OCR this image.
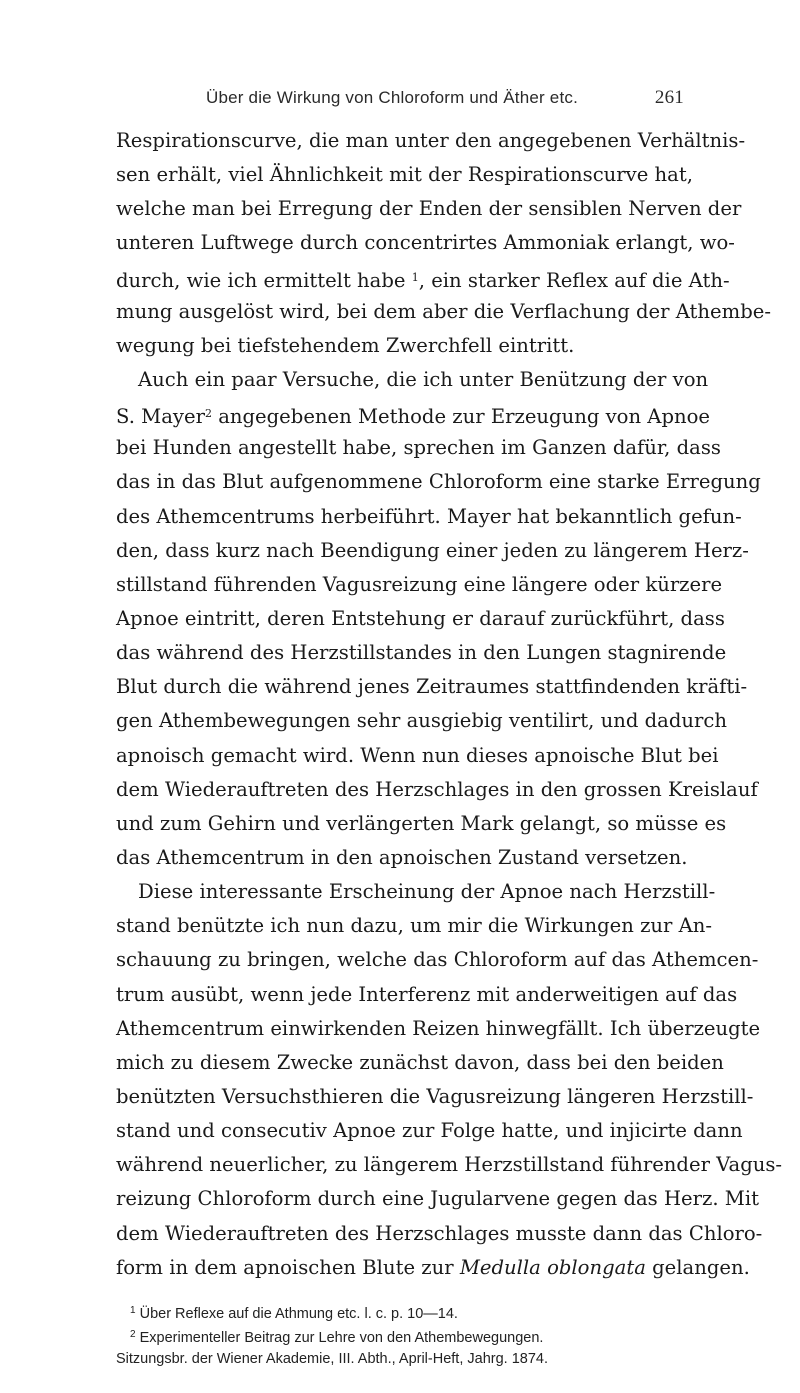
Über die Wirkung von Chloroform und Äther etc.	261
Respirationscurve, die man unter den angegebenen Verhältnis-
sen erhält, viel Ähnlichkeit mit der Respirationscurve hat,
welche man bei Erregung der Enden der sensiblen Nerven der
unteren Luftwege durch concentrirtes Ammoniak erlangt, wo-
durch, wie ich ermittelt habe $^1$, ein starker Reflex auf die Ath-
mung ausgelöst wird, bei dem aber die Verflachung der Athembe-
wegung bei tiefstehendem Zwerchfell eintritt.
Auch ein paar Versuche, die ich unter Benützung der von
S. Mayer$^2$ angegebenen Methode zur Erzeugung von Apnoe
bei Hunden angestellt habe, sprechen im Ganzen dafür, dass
das in das Blut aufgenommene Chloroform eine starke Erregung
des Athemcentrums herbeiführt. Mayer hat bekanntlich gefun-
den, dass kurz nach Beendigung einer jeden zu längerem Herz-
stillstand führenden Vagusreizung eine längere oder kürzere
Apnoe eintritt, deren Entstehung er darauf zurückführt, dass
das während des Herzstillstandes in den Lungen stagnirende
Blut durch die während jenes Zeitraumes stattfindenden kräfti-
gen Athembewegungen sehr ausgiebig ventilirt, und dadurch
apnoisch gemacht wird. Wenn nun dieses apnoische Blut bei
dem Wiederauftreten des Herzschlages in den grossen Kreislauf
und zum Gehirn und verlängerten Mark gelangt, so müsse es
das Athemcentrum in den apnoischen Zustand versetzen.
Diese interessante Erscheinung der Apnoe nach Herzstill-
stand benützte ich nun dazu, um mir die Wirkungen zur An-
schauung zu bringen, welche das Chloroform auf das Athemcen-
trum ausübt, wenn jede Interferenz mit anderweitigen auf das
Athemcentrum einwirkenden Reizen hinwegfällt. Ich überzeugte
mich zu diesem Zwecke zunächst davon, dass bei den beiden
benützten Versuchsthieren die Vagusreizung längeren Herzstill-
stand und consecutiv Apnoe zur Folge hatte, und injicirte dann
während neuerlicher, zu längerem Herzstillstand führender Vagus-
reizung Chloroform durch eine Jugularvene gegen das Herz. Mit
dem Wiederauftreten des Herzschlages musste dann das Chloro-
form in dem apnoischen Blute zur Medulla oblongata gelangen.
$^1$ Über Reflexe auf die Athmung etc. l. c. p. 10—14.
$^2$ Experimenteller Beitrag zur Lehre von den Athembewegungen.
Sitzungsbr. der Wiener Akademie, III. Abth., April-Heft, Jahrg. 1874.
